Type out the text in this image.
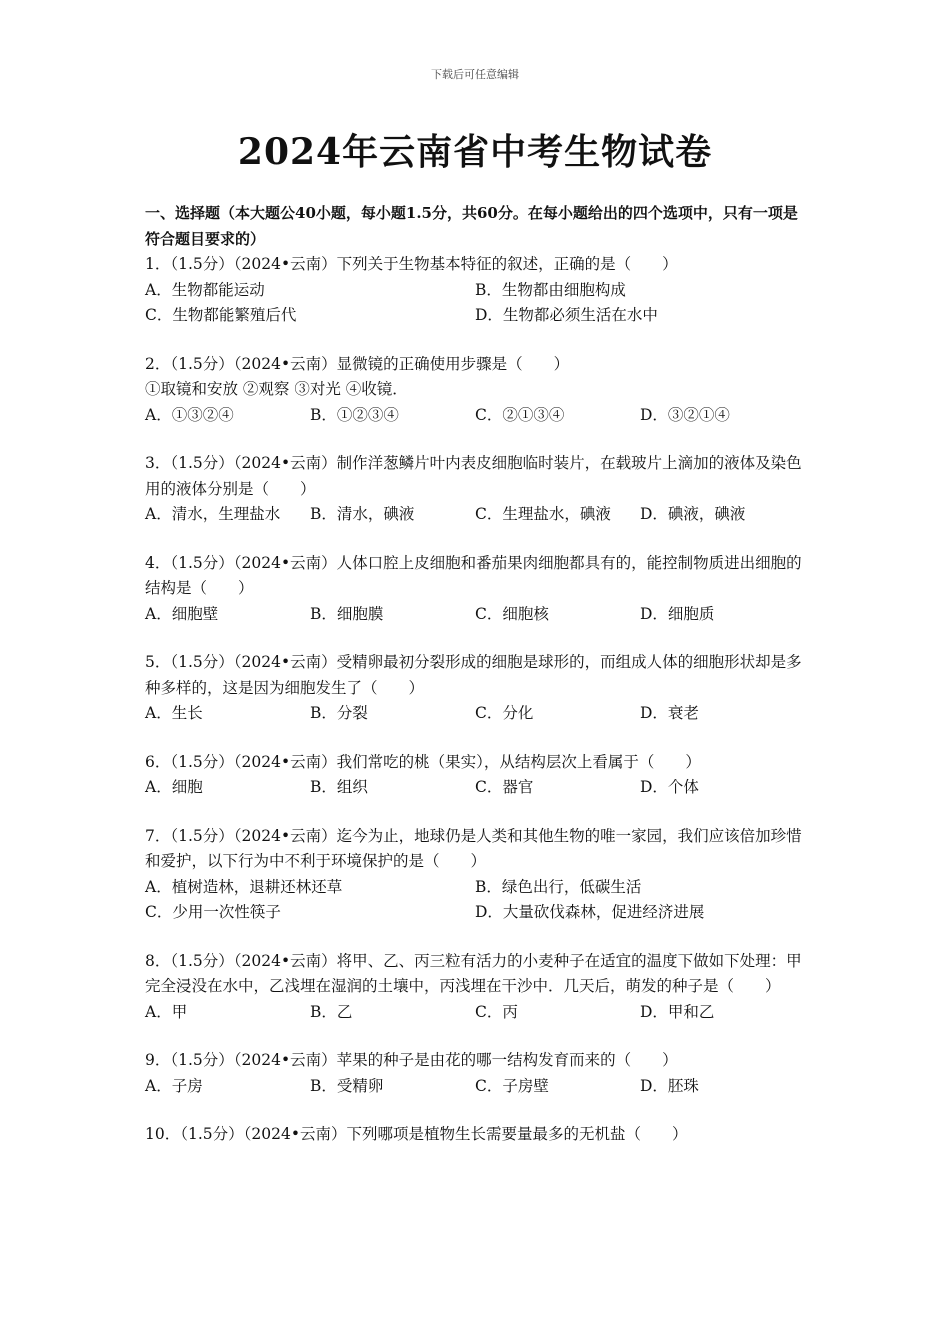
下载后可任意编辑
2024年云南省中考生物试卷
一、选择题（本大题公40小题，每小题1.5分，共60分。在每小题给出的四个选项中，只有一项是符合题目要求的）
1．（1.5分）（2024•云南）下列关于生物基本特征的叙述，正确的是（　　）
A．生物都能运动	B．生物都由细胞构成
C．生物都能繁殖后代	D．生物都必须生活在水中
2．（1.5分）（2024•云南）显微镜的正确使用步骤是（　　）
①取镜和安放 ②观察 ③对光 ④收镜．
A．①③②④	B．①②③④	C．②①③④	D．③②①④
3．（1.5分）（2024•云南）制作洋葱鳞片叶内表皮细胞临时装片，在载玻片上滴加的液体及染色用的液体分别是（　　）
A．清水，生理盐水	B．清水，碘液	C．生理盐水，碘液	D．碘液，碘液
4．（1.5分）（2024•云南）人体口腔上皮细胞和番茄果肉细胞都具有的，能控制物质进出细胞的结构是（　　）
A．细胞壁	B．细胞膜	C．细胞核	D．细胞质
5．（1.5分）（2024•云南）受精卵最初分裂形成的细胞是球形的，而组成人体的细胞形状却是多种多样的，这是因为细胞发生了（　　）
A．生长	B．分裂	C．分化	D．衰老
6．（1.5分）（2024•云南）我们常吃的桃（果实），从结构层次上看属于（　　）
A．细胞	B．组织	C．器官	D．个体
7．（1.5分）（2024•云南）迄今为止，地球仍是人类和其他生物的唯一家园，我们应该倍加珍惜和爱护，以下行为中不利于环境保护的是（　　）
A．植树造林，退耕还林还草	B．绿色出行，低碳生活
C．少用一次性筷子	D．大量砍伐森林，促进经济进展
8．（1.5分）（2024•云南）将甲、乙、丙三粒有活力的小麦种子在适宜的温度下做如下处理：甲完全浸没在水中，乙浅埋在湿润的土壤中，丙浅埋在干沙中．几天后，萌发的种子是（　　）
A．甲	B．乙	C．丙	D．甲和乙
9．（1.5分）（2024•云南）苹果的种子是由花的哪一结构发育而来的（　　）
A．子房	B．受精卵	C．子房壁	D．胚珠
10．（1.5分）（2024•云南）下列哪项是植物生长需要量最多的无机盐（　　）
